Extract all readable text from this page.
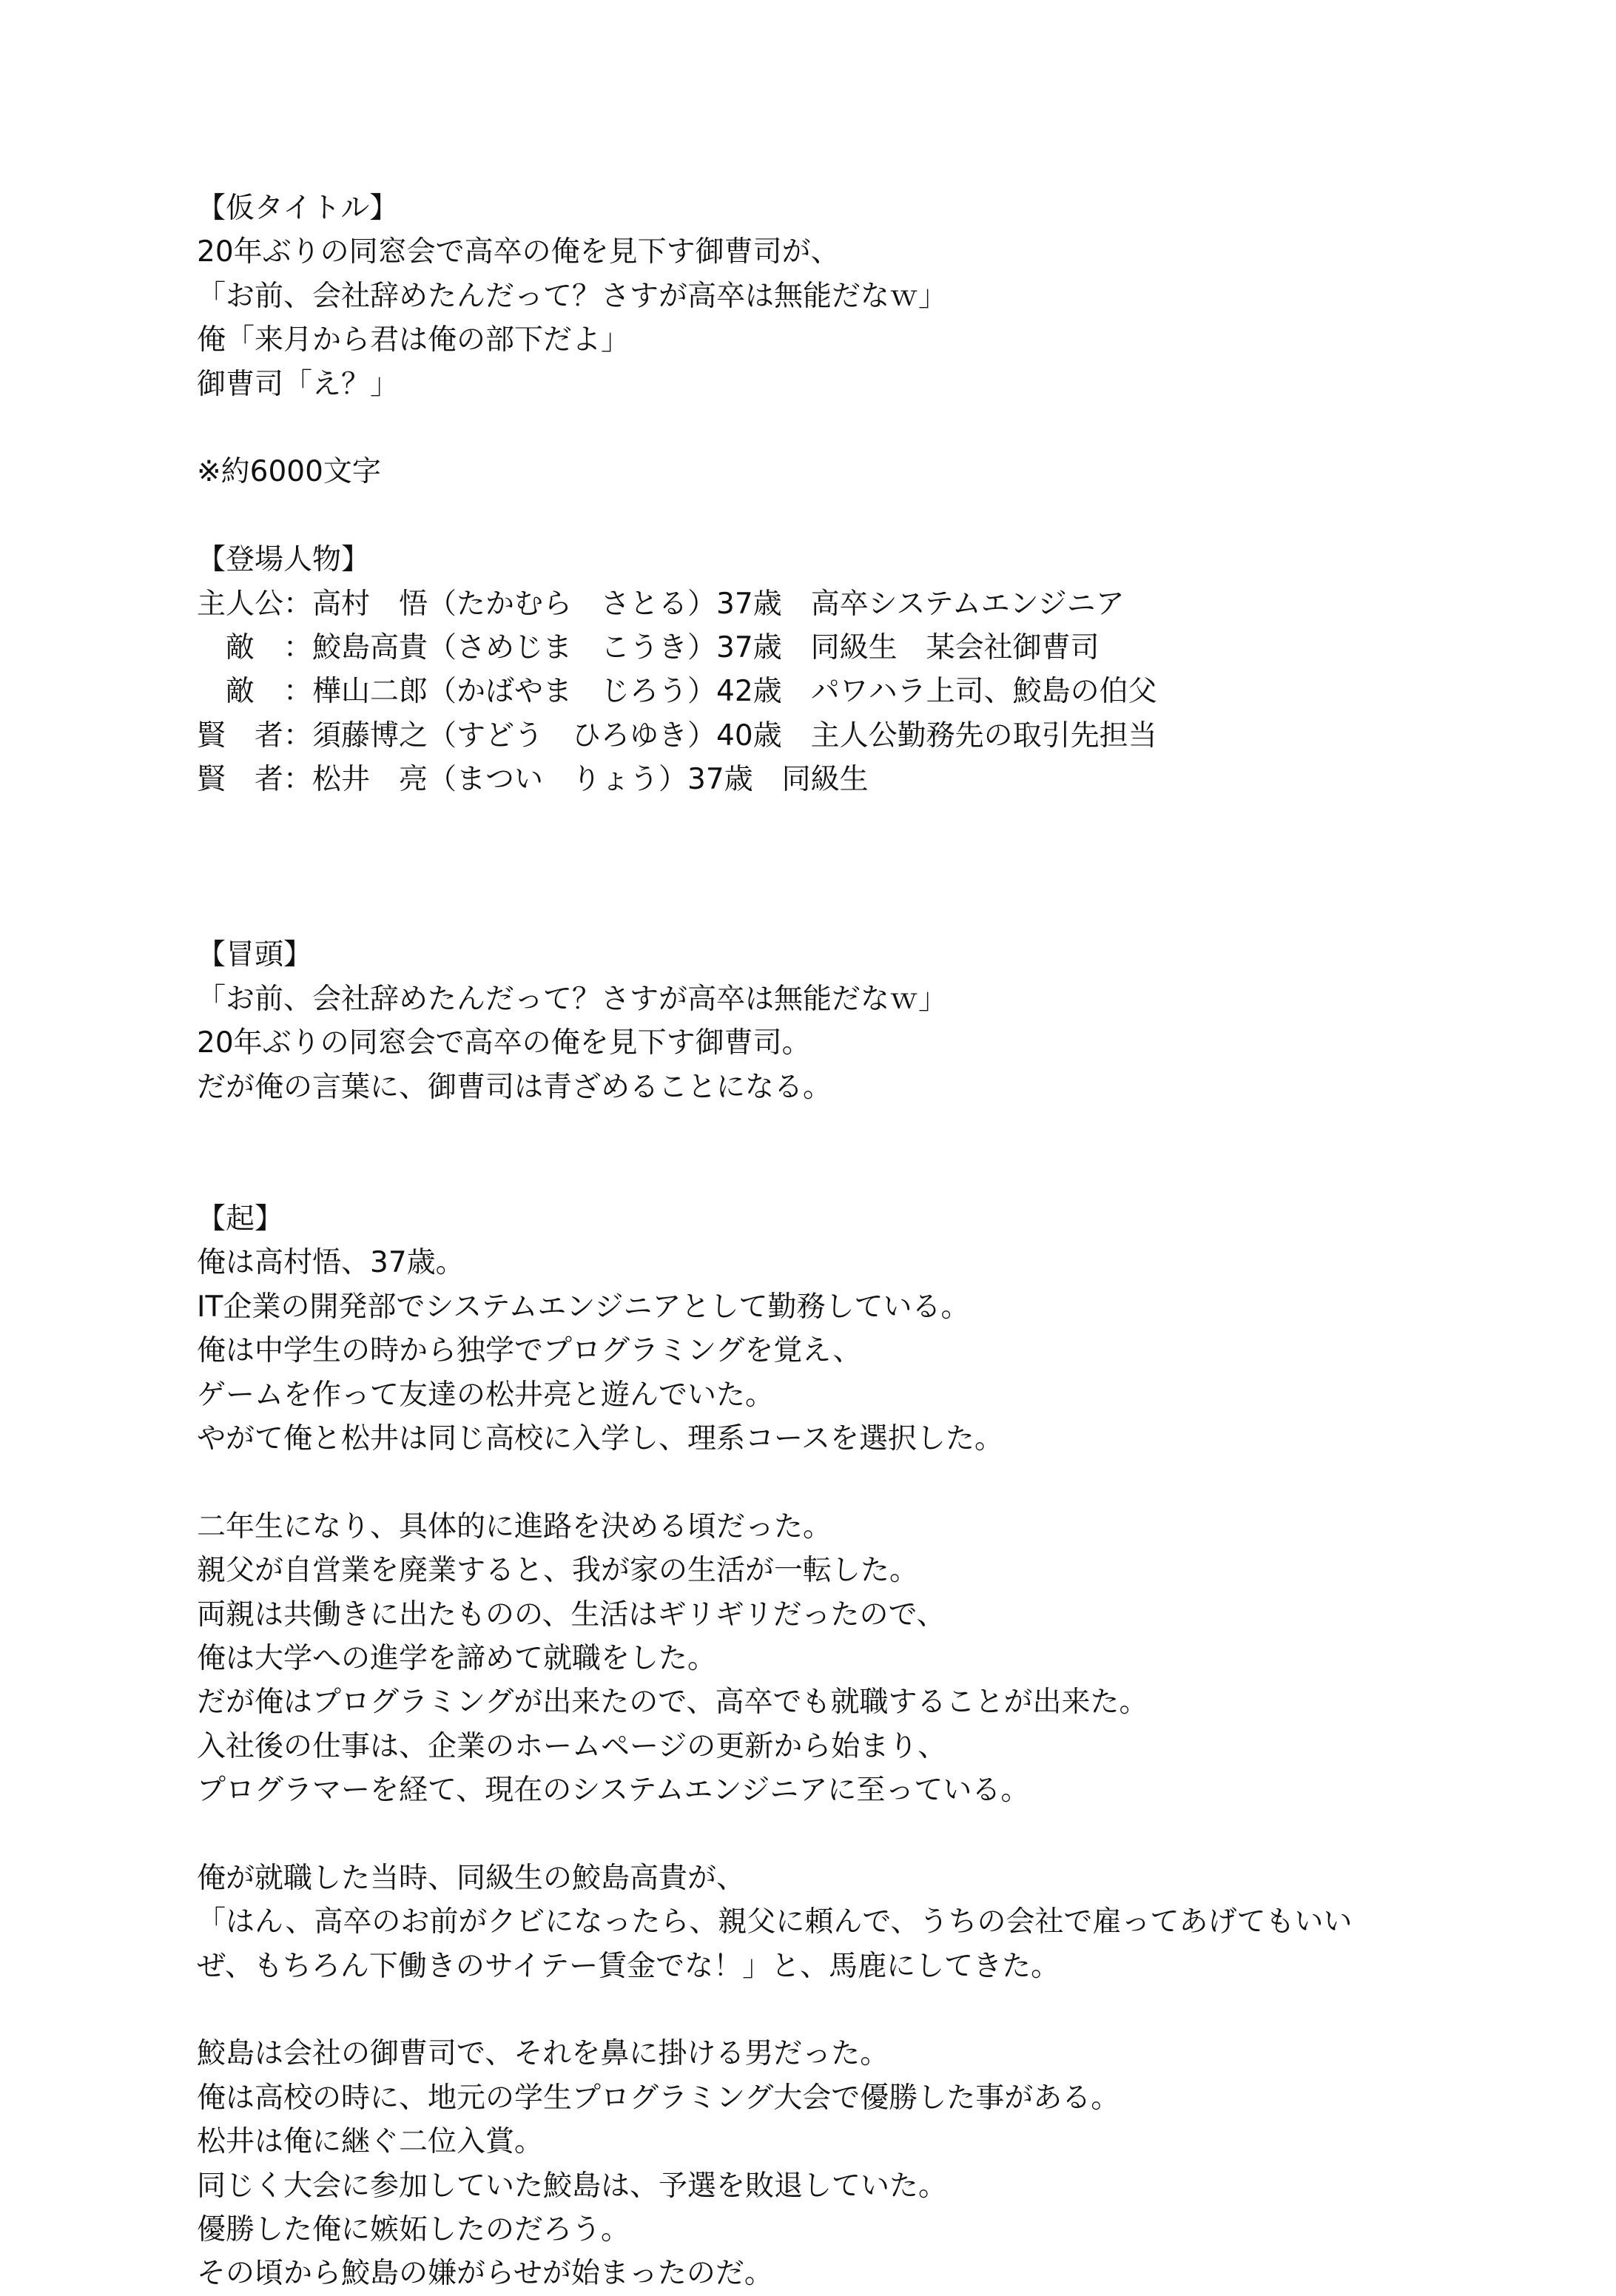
【仮タイトル】
20年ぶりの同窓会で高卒の俺を見下す御曹司が、
「お前、会社辞めたんだって？さすが高卒は無能だなｗ」
俺「来月から君は俺の部下だよ」
御曹司「え？」
※約6000文字
【登場人物】
主人公：高村　悟（たかむら　さとる）37歳　高卒システムエンジニア
　敵　：鮫島高貴（さめじま　こうき）37歳　同級生　某会社御曹司
　敵　：樺山二郎（かばやま　じろう）42歳　パワハラ上司、鮫島の伯父
賢　者：須藤博之（すどう　ひろゆき）40歳　主人公勤務先の取引先担当
賢　者：松井　亮（まつい　りょう）37歳　同級生
【冒頭】
「お前、会社辞めたんだって？さすが高卒は無能だなｗ」
20年ぶりの同窓会で高卒の俺を見下す御曹司。
だが俺の言葉に、御曹司は青ざめることになる。
【起】
俺は高村悟、37歳。
IT企業の開発部でシステムエンジニアとして勤務している。
俺は中学生の時から独学でプログラミングを覚え、
ゲームを作って友達の松井亮と遊んでいた。
やがて俺と松井は同じ高校に入学し、理系コースを選択した。
二年生になり、具体的に進路を決める頃だった。
親父が自営業を廃業すると、我が家の生活が一転した。
両親は共働きに出たものの、生活はギリギリだったので、
俺は大学への進学を諦めて就職をした。
だが俺はプログラミングが出来たので、高卒でも就職することが出来た。
入社後の仕事は、企業のホームページの更新から始まり、
プログラマーを経て、現在のシステムエンジニアに至っている。
俺が就職した当時、同級生の鮫島高貴が、
「はん、高卒のお前がクビになったら、親父に頼んで、うちの会社で雇ってあげてもいい
ぜ、もちろん下働きのサイテー賃金でな！」と、馬鹿にしてきた。
鮫島は会社の御曹司で、それを鼻に掛ける男だった。
俺は高校の時に、地元の学生プログラミング大会で優勝した事がある。
松井は俺に継ぐ二位入賞。
同じく大会に参加していた鮫島は、予選を敗退していた。
優勝した俺に嫉妬したのだろう。
その頃から鮫島の嫌がらせが始まったのだ。
